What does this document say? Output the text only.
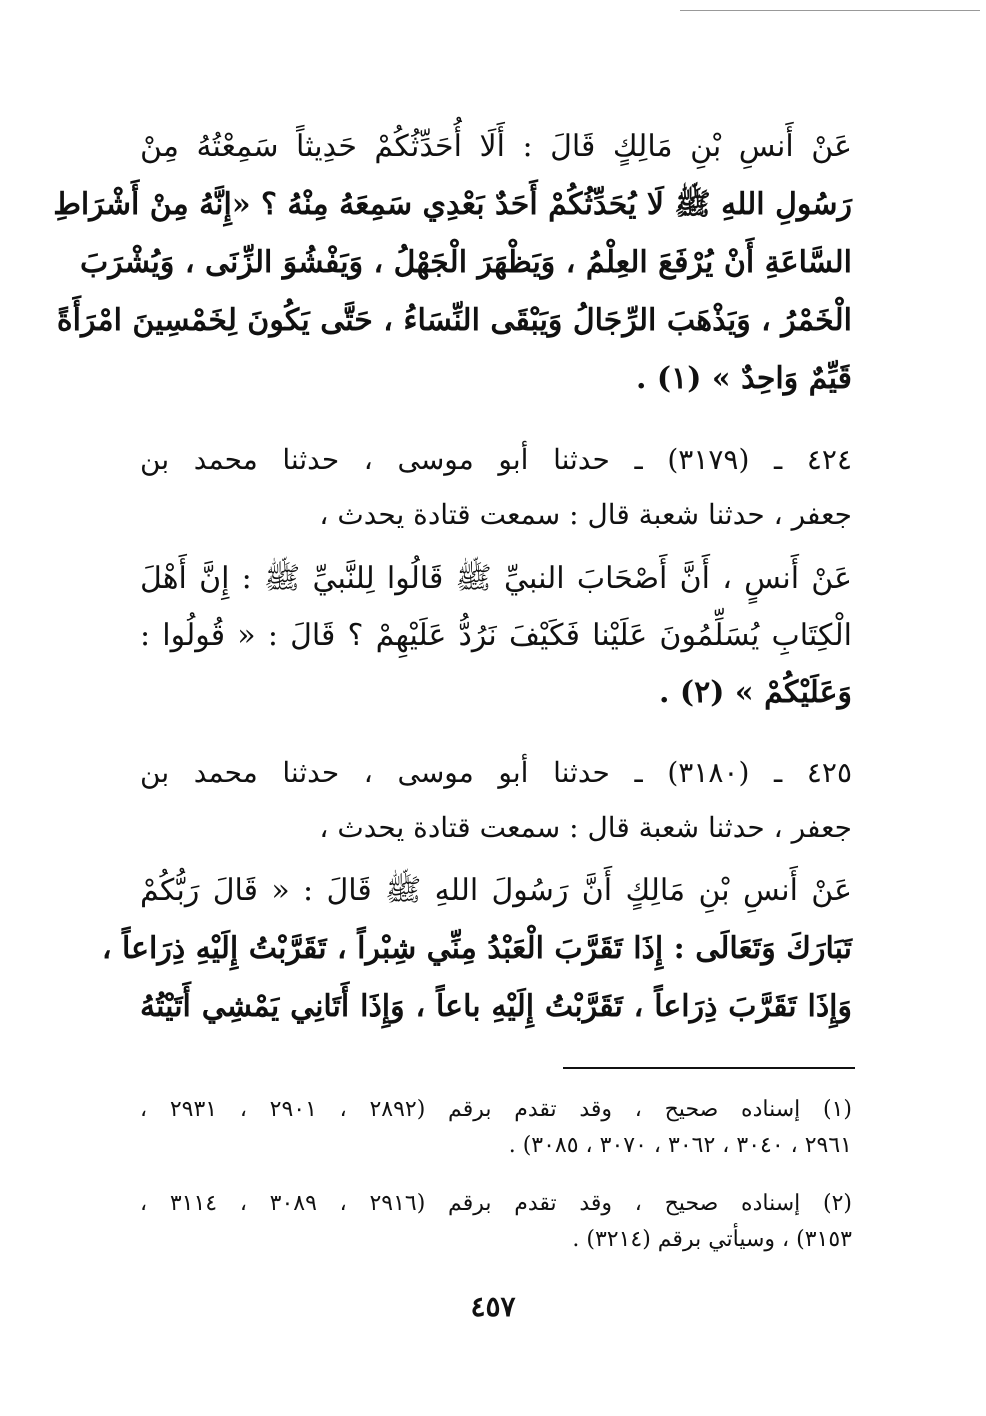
عَنْ أَنسِ بْنِ مَالِكٍ قَالَ : أَلَا أُحَدِّثُكُمْ حَدِيثاً سَمِعْتُهُ مِنْ
رَسُولِ اللهِ ﷺ لَا يُحَدِّثُكُمْ أَحَدٌ بَعْدِي سَمِعَهُ مِنْهُ ؟ «إِنَّهُ مِنْ أَشْرَاطِ
السَّاعَةِ أَنْ يُرْفَعَ العِلْمُ ، وَيَظْهَرَ الْجَهْلُ ، وَيَفْشُوَ الزِّنَى ، وَيُشْرَبَ
الْخَمْرُ ، وَيَذْهَبَ الرِّجَالُ وَيَبْقَى النِّسَاءُ ، حَتَّى يَكُونَ لِخَمْسِينَ امْرَأَةً
قَيِّمٌ وَاحِدٌ » (١) .
٤٢٤ ـ (٣١٧٩) ـ حدثنا أبو موسى ، حدثنا محمد بن
جعفر ، حدثنا شعبة قال : سمعت قتادة يحدث ،
عَنْ أَنسٍ ، أَنَّ أَصْحَابَ النبيِّ ﷺ قَالُوا لِلنَّبيِّ ﷺ : إِنَّ أَهْلَ
الْكِتَابِ يُسَلِّمُونَ عَلَيْنا فَكَيْفَ نَرُدُّ عَلَيْهِمْ ؟ قَالَ : « قُولُوا :
وَعَلَيْكُمْ » (٢) .
٤٢٥ ـ (٣١٨٠) ـ حدثنا أبو موسى ، حدثنا محمد بن
جعفر ، حدثنا شعبة قال : سمعت قتادة يحدث ،
عَنْ أَنسِ بْنِ مَالِكٍ أَنَّ رَسُولَ اللهِ ﷺ قَالَ : « قَالَ رَبُّكُمْ
تَبَارَكَ وَتَعَالَى : إِذَا تَقَرَّبَ الْعَبْدُ مِنِّي شِبْراً ، تَقَرَّبْتُ إِلَيْهِ ذِرَاعاً ،
وَإِذَا تَقَرَّبَ ذِرَاعاً ، تَقَرَّبْتُ إِلَيْهِ باعاً ، وَإِذَا أَتَانِي يَمْشِي أَتَيْتُهُ
(١) إسناده صحيح ، وقد تقدم برقم (٢٨٩٢ ، ٢٩٠١ ، ٢٩٣١ ،
٢٩٦١ ، ٣٠٤٠ ، ٣٠٦٢ ، ٣٠٧٠ ، ٣٠٨٥) .
(٢) إسناده صحيح ، وقد تقدم برقم (٢٩١٦ ، ٣٠٨٩ ، ٣١١٤ ،
٣١٥٣) ، وسيأتي برقم (٣٢١٤) .
٤٥٧
